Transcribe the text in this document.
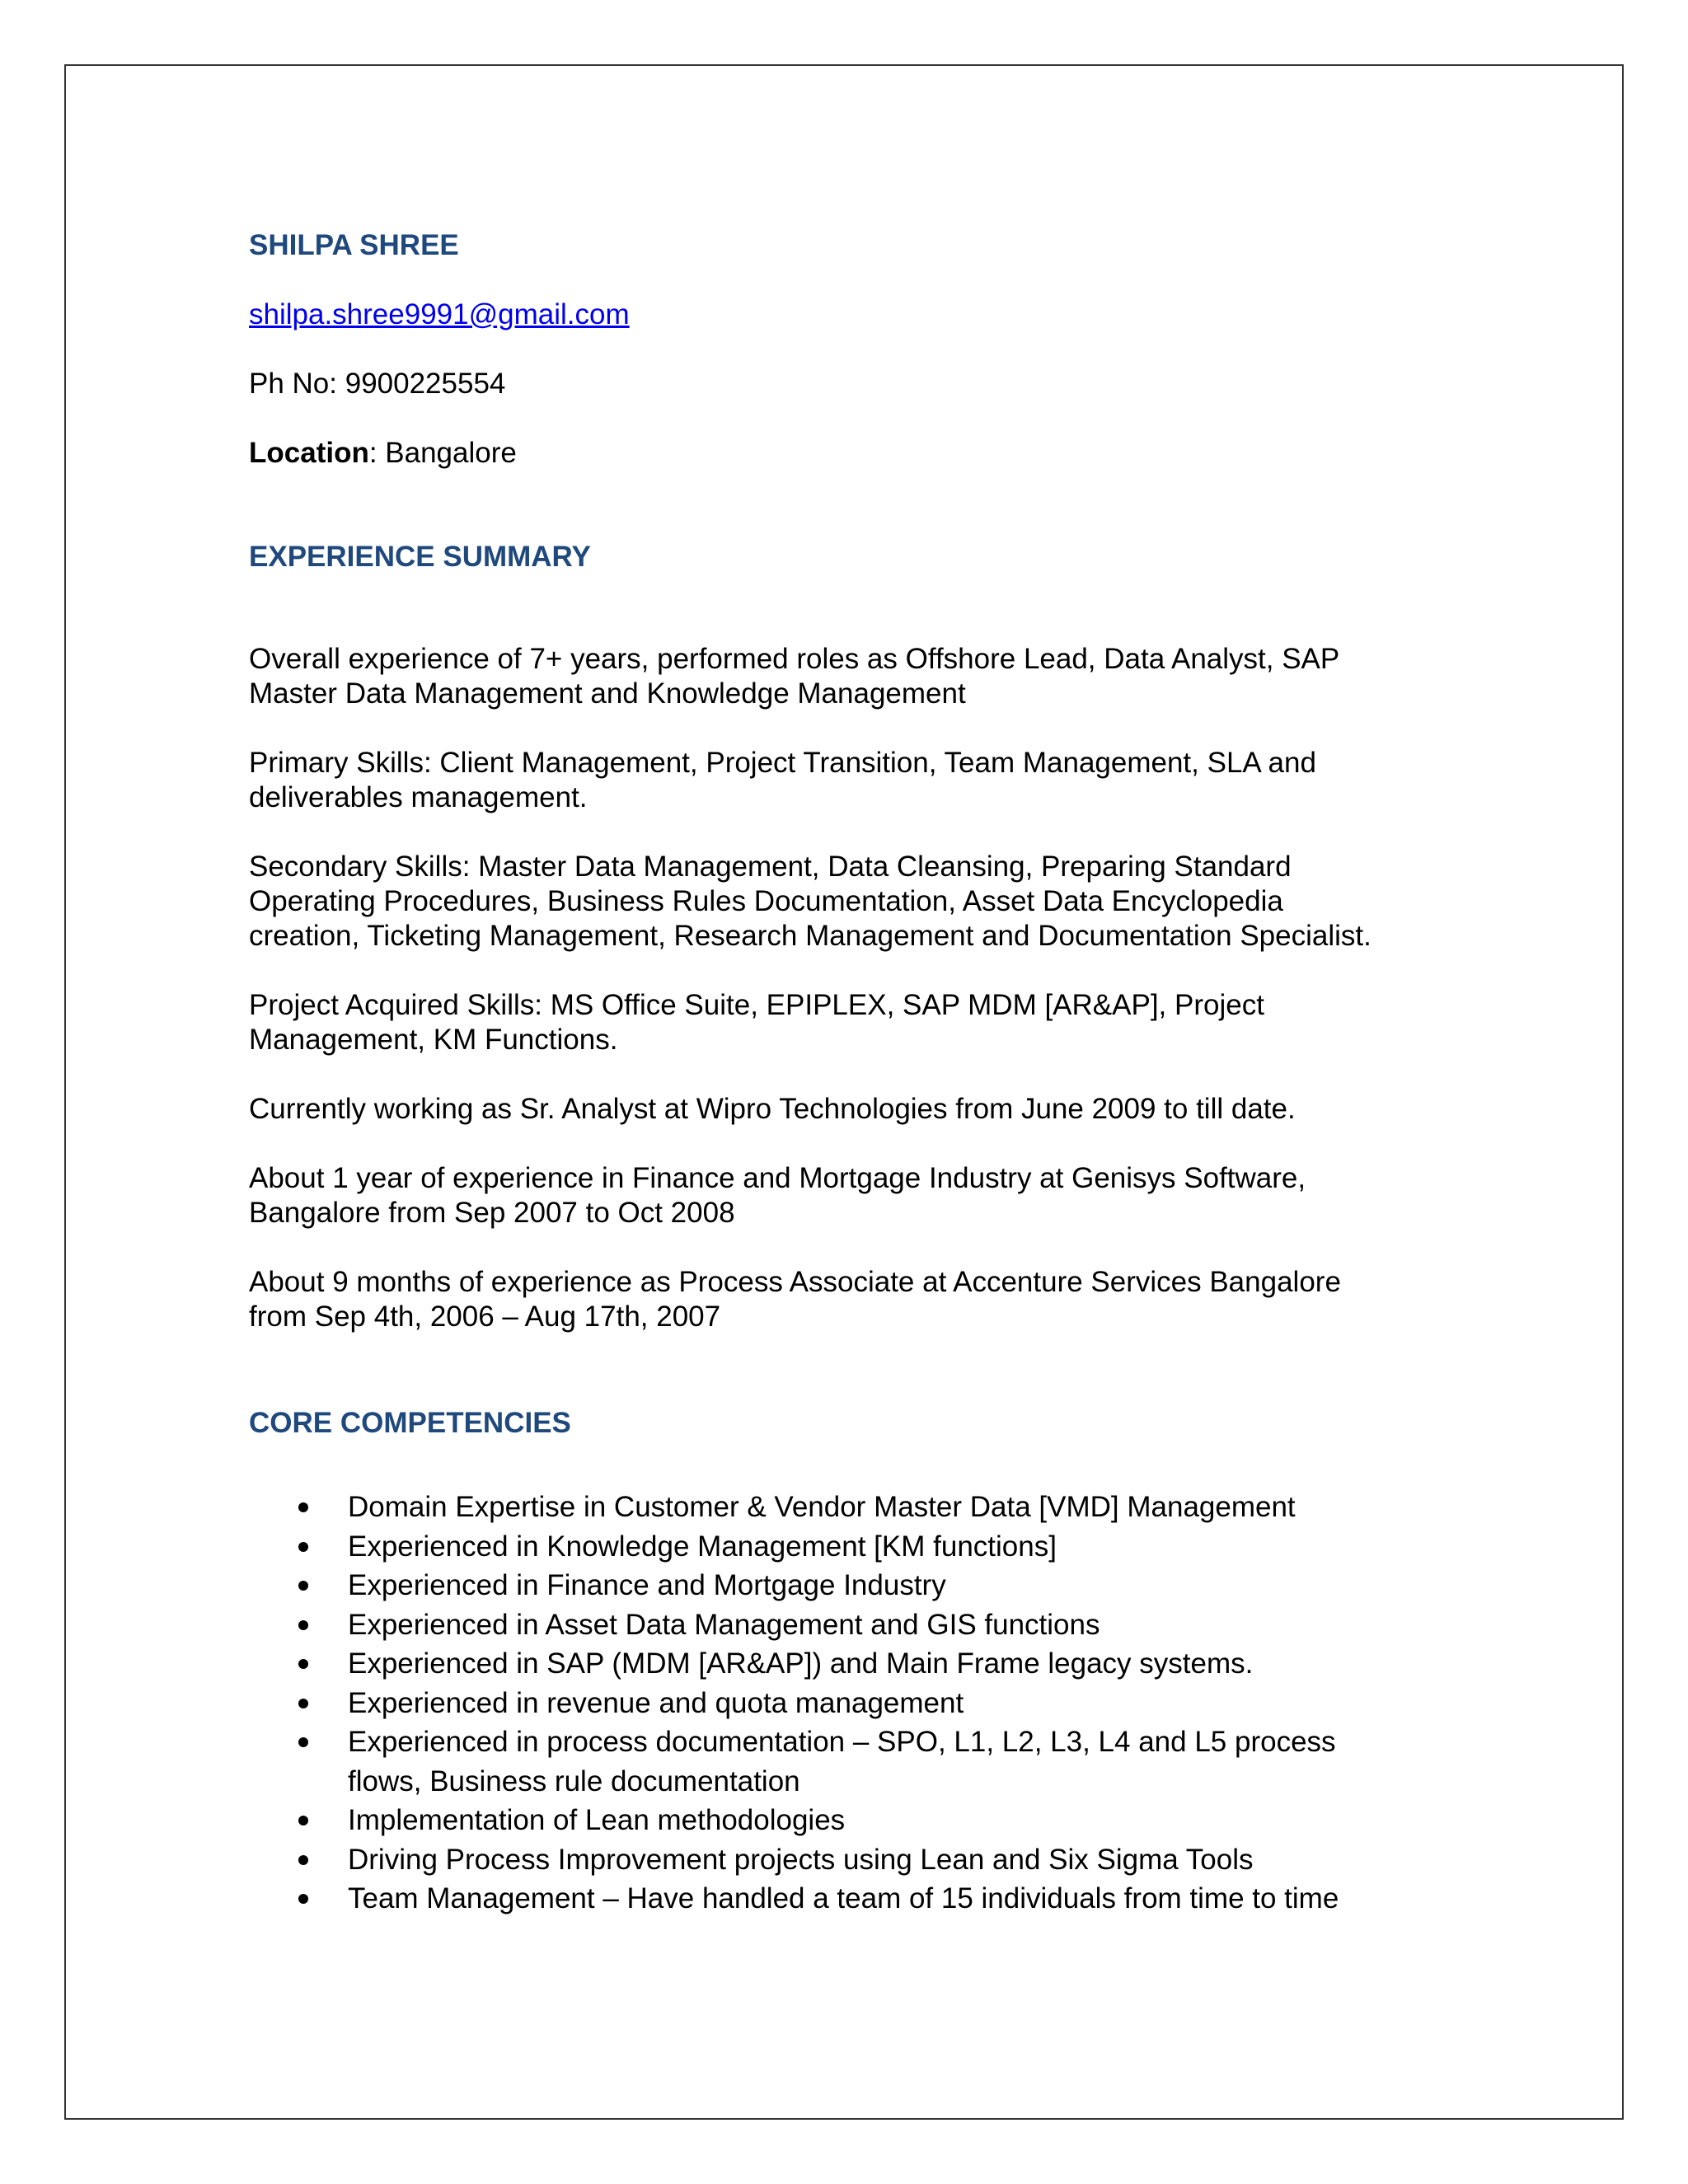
SHILPA SHREE
shilpa.shree9991@gmail.com

Ph No: 9900225554

Location: Bangalore

EXPERIENCE SUMMARY

Overall experience of 7+ years, performed roles as Offshore Lead, Data Analyst, SAP
Master Data Management and Knowledge Management

Primary Skills: Client Management, Project Transition, Team Management, SLA and
deliverables management.

Secondary Skills: Master Data Management, Data Cleansing, Preparing Standard
Operating Procedures, Business Rules Documentation, Asset Data Encyclopedia
creation, Ticketing Management, Research Management and Documentation Specialist.

Project Acquired Skills: MS Office Suite, EPIPLEX, SAP MDM [AR&AP], Project
Management, KM Functions.

Currently working as Sr. Analyst at Wipro Technologies from June 2009 to till date.

About 1 year of experience in Finance and Mortgage Industry at Genisys Software,
Bangalore from Sep 2007 to Oct 2008

About 9 months of experience as Process Associate at Accenture Services Bangalore
from Sep 4th, 2006 – Aug 17th, 2007

CORE COMPETENCIES
Domain Expertise in Customer & Vendor Master Data [VMD] Management
Experienced in Knowledge Management [KM functions]
Experienced in Finance and Mortgage Industry
Experienced in Asset Data Management and GIS functions
Experienced in SAP (MDM [AR&AP]) and Main Frame legacy systems.
Experienced in revenue and quota management
Experienced in process documentation – SPO, L1, L2, L3, L4 and L5 process
flows, Business rule documentation
Implementation of Lean methodologies
Driving Process Improvement projects using Lean and Six Sigma Tools
Team Management – Have handled a team of 15 individuals from time to time
